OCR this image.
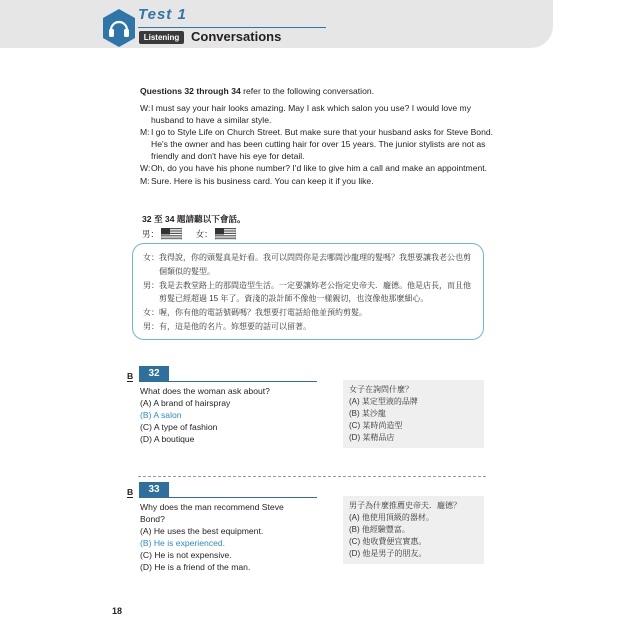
Test 1
Listening Conversations
Questions 32 through 34 refer to the following conversation.
W: I must say your hair looks amazing. May I ask which salon you use? I would love my husband to have a similar style.
M: I go to Style Life on Church Street. But make sure that your husband asks for Steve Bond. He's the owner and has been cutting hair for over 15 years. The junior stylists are not as friendly and don't have his eye for detail.
W: Oh, do you have his phone number? I'd like to give him a call and make an appointment.
M: Sure. Here is his business card. You can keep it if you like.
32 至 34 題請聽以下會話。
男：	女：
女： 我得說，你的頭髮真是好看。我可以問問你是去哪間沙龍理的髮嗎？我想要讓我老公也剪個類似的髮型。
男： 我是去教堂路上的那間造型生活。一定要讓妳老公指定史帝夫．龐德。他是店長，而且他剪髮已經超過 15 年了。資淺的設計師不像他一樣親切，也沒像他那麼細心。
女： 喔，你有他的電話號碼嗎？我想要打電話給他並預約剪髮。
男： 有，這是他的名片。妳想要的話可以留著。
B	32
What does the woman ask about?
(A) A brand of hairspray
(B) A salon
(C) A type of fashion
(D) A boutique
女子在詢問什麼？
(A) 某定型液的品牌
(B) 某沙龍
(C) 某時尚造型
(D) 某精品店
B	33
Why does the man recommend Steve Bond?
(A) He uses the best equipment.
(B) He is experienced.
(C) He is not expensive.
(D) He is a friend of the man.
男子為什麼推薦史帝夫．龐德？
(A) 他使用頂級的器材。
(B) 他經驗豐富。
(C) 他收費便宜實惠。
(D) 他是男子的朋友。
18
